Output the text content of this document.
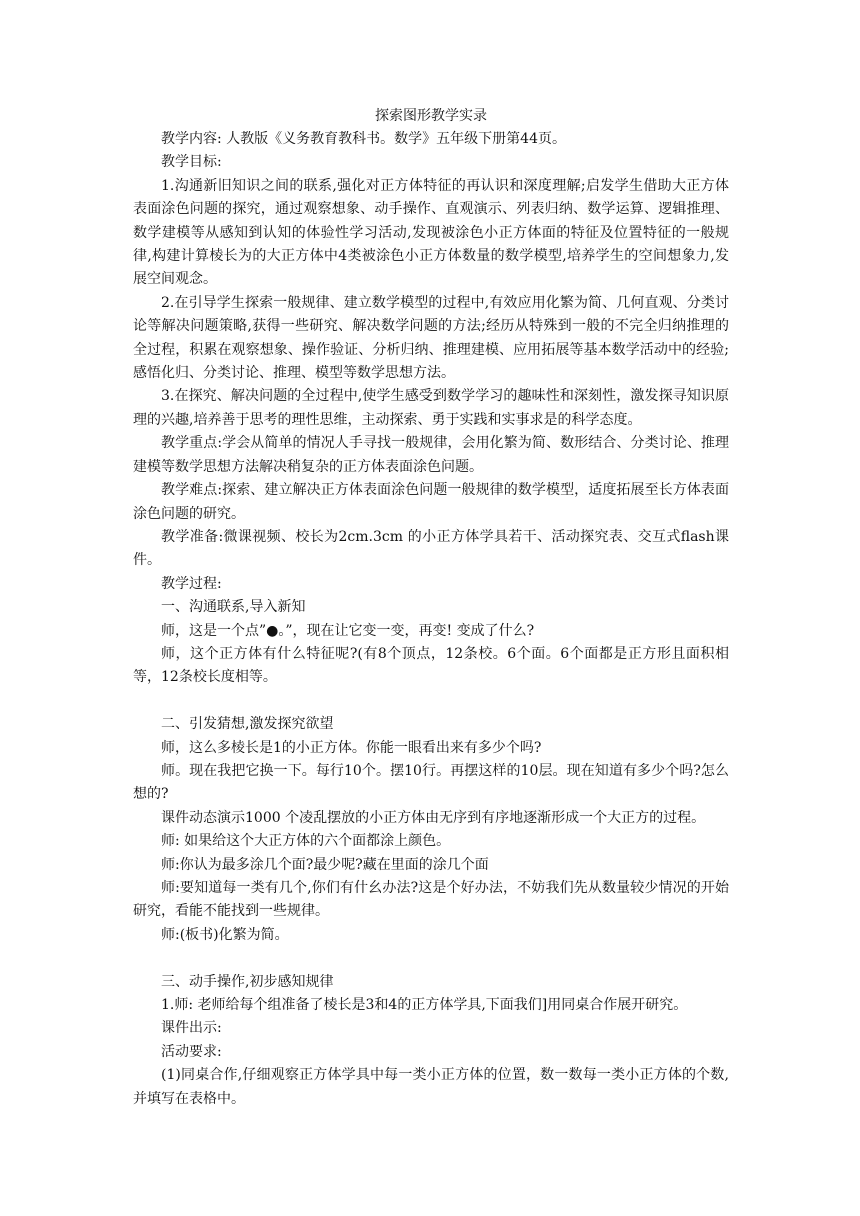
探索图形教学实录

教学内容: 人教版《义务教育教科书。数学》五年级下册第44页。

教学目标:

1.沟通新旧知识之间的联系,强化对正方体特征的再认识和深度理解;启发学生借助大正方体表面涂色问题的探究，通过观察想象、动手操作、直观演示、列表归纳、数学运算、逻辑推理、数学建模等从感知到认知的体验性学习活动,发现被涂色小正方体面的特征及位置特征的一般规律,构建计算棱长为的大正方体中4类被涂色小正方体数量的数学模型,培养学生的空间想象力,发展空间观念。

2.在引导学生探索一般规律、建立数学模型的过程中,有效应用化繁为简、几何直观、分类讨论等解决问题策略,获得一些研究、解决数学问题的方法;经历从特殊到一般的不完全归纳推理的全过程，积累在观察想象、操作验证、分析归纳、推理建模、应用拓展等基本数学活动中的经验;感悟化归、分类讨论、推理、模型等数学思想方法。

3.在探究、解决问题的全过程中,使学生感受到数学学习的趣味性和深刻性，激发探寻知识原理的兴趣,培养善于思考的理性思维，主动探索、勇于实践和实事求是的科学态度。

教学重点:学会从简单的情况人手寻找一般规律，会用化繁为简、数形结合、分类讨论、推理建模等数学思想方法解决稍复杂的正方体表面涂色问题。

教学难点:探索、建立解决正方体表面涂色问题一般规律的数学模型，适度拓展至长方体表面涂色问题的研究。

教学准备:微课视频、校长为2cm.3cm 的小正方体学具若干、活动探究表、交互式flash课件。

教学过程:

一、沟通联系,导入新知

师，这是一个点”●。”，现在让它变一变，再变! 变成了什么?

师，这个正方体有什么特征呢?(有8个顶点，12条校。6个面。6个面都是正方形且面积相等，12条校长度相等。

二、引发猜想,激发探究欲望

师，这么多棱长是1的小正方体。你能一眼看出来有多少个吗?

师。现在我把它换一下。每行10个。摆10行。再摆这样的10层。现在知道有多少个吗?怎么想的?

课件动态演示1000 个凌乱摆放的小正方体由无序到有序地逐渐形成一个大正方的过程。

师: 如果给这个大正方体的六个面都涂上颜色。

师:你认为最多涂几个面?最少呢?藏在里面的涂几个面

师:要知道每一类有几个,你们有什幺办法?这是个好办法，不妨我们先从数量较少情况的开始研究，看能不能找到一些规律。

师:(板书)化繁为简。

三、动手操作,初步感知规律

1.师: 老师给每个组准备了棱长是3和4的正方体学具,下面我们]用同桌合作展开研究。

课件出示:

活动要求:

(1)同桌合作,仔细观察正方体学具中每一类小正方体的位置，数一数每一类小正方体的个数,并填写在表格中。
